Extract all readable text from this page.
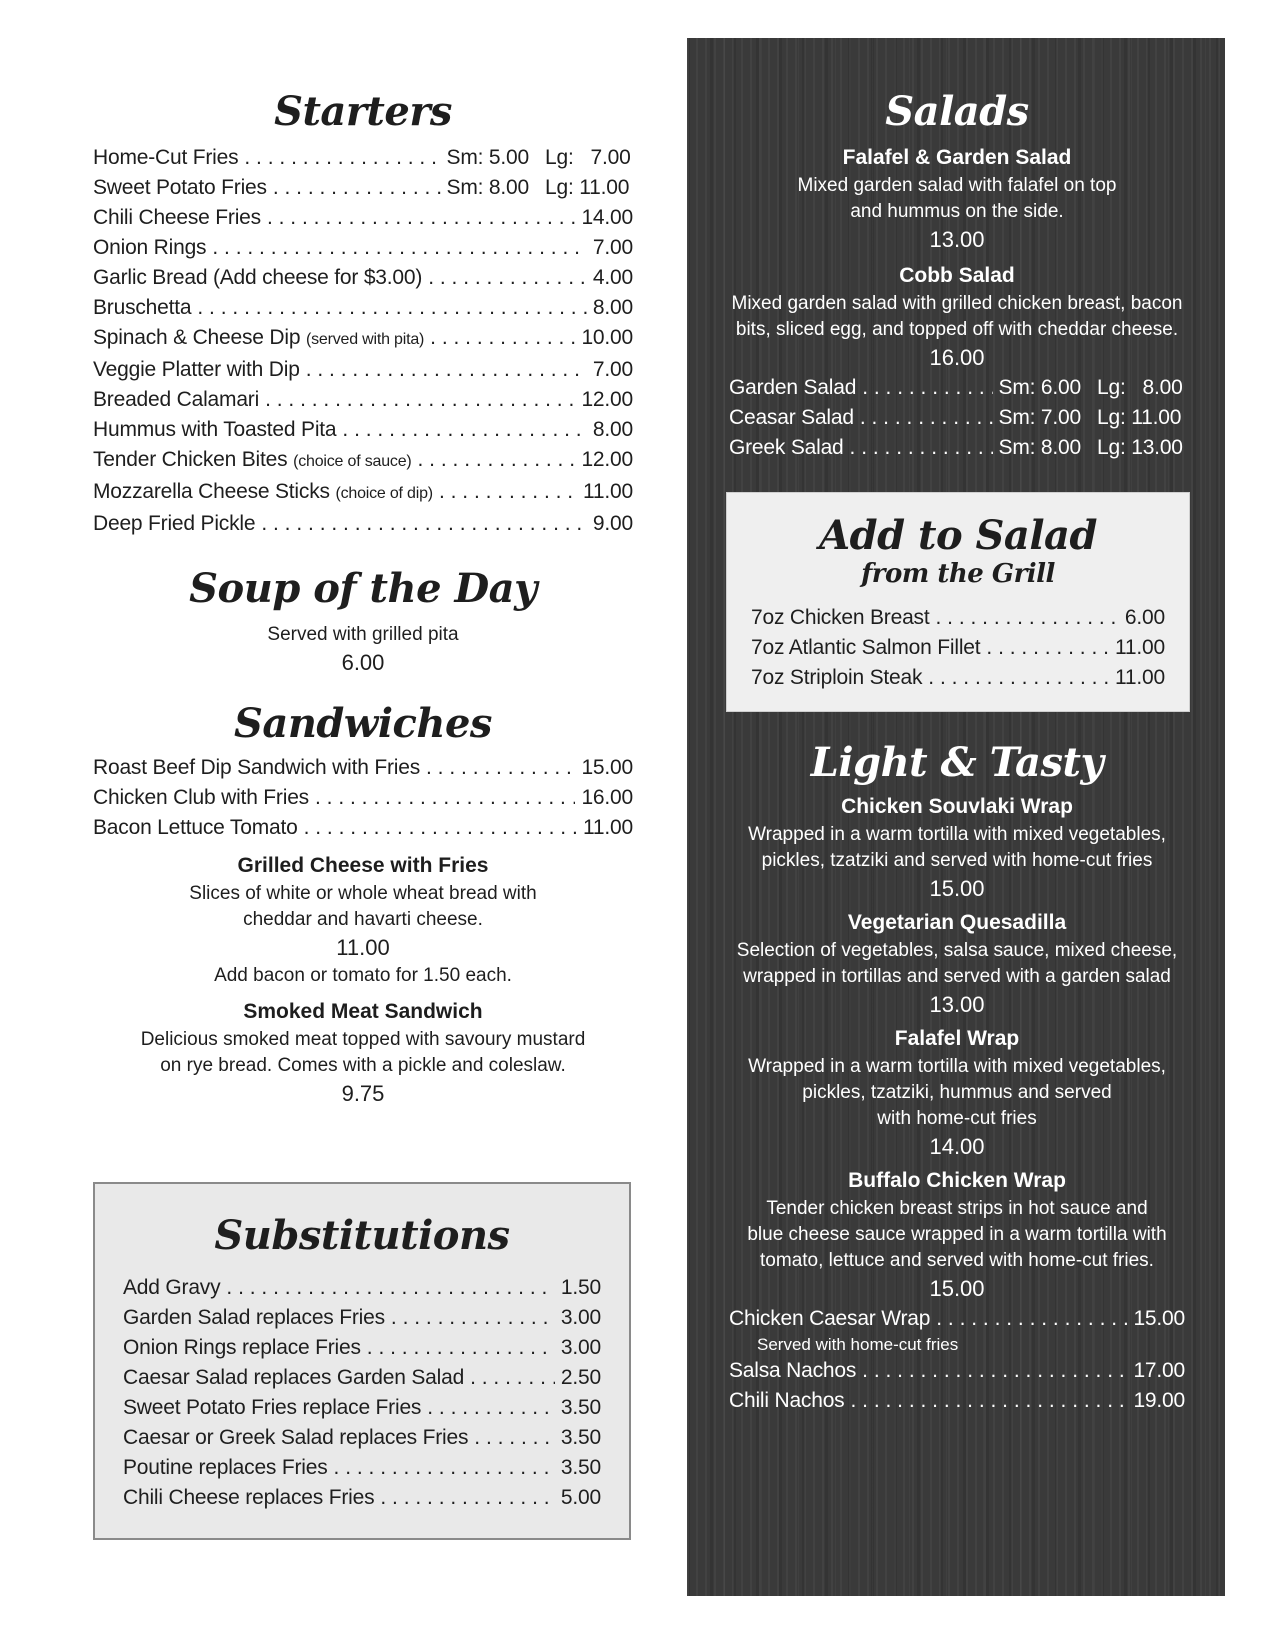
Starters
Home-Cut Fries . . .	Sm: 5.00 Lg:   7.00
Sweet Potato Fries . . .	Sm: 8.00 Lg: 11.00
Chili Cheese Fries . . .	14.00
Onion Rings . . .	7.00
Garlic Bread (Add cheese for $3.00) . . .	4.00
Bruschetta . . .	8.00
Spinach & Cheese Dip (served with pita) . . .	10.00
Veggie Platter with Dip . . .	7.00
Breaded Calamari . . .	12.00
Hummus with Toasted Pita . . .	8.00
Tender Chicken Bites (choice of sauce) . . .	12.00
Mozzarella Cheese Sticks (choice of dip) . . .	11.00
Deep Fried Pickle . . .	9.00
Soup of the Day
Served with grilled pita
6.00
Sandwiches
Roast Beef Dip Sandwich with Fries . . .	15.00
Chicken Club with Fries . . .	16.00
Bacon Lettuce Tomato . . .	11.00
Grilled Cheese with Fries
Slices of white or whole wheat bread with
cheddar and havarti cheese.
11.00
Add bacon or tomato for 1.50 each.
Smoked Meat Sandwich
Delicious smoked meat topped with savoury mustard
on rye bread. Comes with a pickle and coleslaw.
9.75
Substitutions
Add Gravy . . .	1.50
Garden Salad replaces Fries . . .	3.00
Onion Rings replace Fries . . .	3.00
Caesar Salad replaces Garden Salad . . .	2.50
Sweet Potato Fries replace Fries . . .	3.50
Caesar or Greek Salad replaces Fries . . .	3.50
Poutine replaces Fries . . .	3.50
Chili Cheese replaces Fries . . .	5.00
Salads
Falafel & Garden Salad
Mixed garden salad with falafel on top
and hummus on the side.
13.00
Cobb Salad
Mixed garden salad with grilled chicken breast, bacon
bits, sliced egg, and topped off with cheddar cheese.
16.00
Garden Salad . . .	Sm: 6.00 Lg:   8.00
Ceasar Salad . . .	Sm: 7.00 Lg: 11.00
Greek Salad . . .	Sm: 8.00 Lg: 13.00
Add to Salad
from the Grill
7oz Chicken Breast . . .	6.00
7oz Atlantic Salmon Fillet . . .	11.00
7oz Striploin Steak . . .	11.00
Light & Tasty
Chicken Souvlaki Wrap
Wrapped in a warm tortilla with mixed vegetables,
pickles, tzatziki and served with home-cut fries
15.00
Vegetarian Quesadilla
Selection of vegetables, salsa sauce, mixed cheese,
wrapped in tortillas and served with a garden salad
13.00
Falafel Wrap
Wrapped in a warm tortilla with mixed vegetables,
pickles, tzatziki, hummus and served
with home-cut fries
14.00
Buffalo Chicken Wrap
Tender chicken breast strips in hot sauce and
blue cheese sauce wrapped in a warm tortilla with
tomato, lettuce and served with home-cut fries.
15.00
Chicken Caesar Wrap . . .	15.00
Served with home-cut fries
Salsa Nachos . . .	17.00
Chili Nachos . . .	19.00
